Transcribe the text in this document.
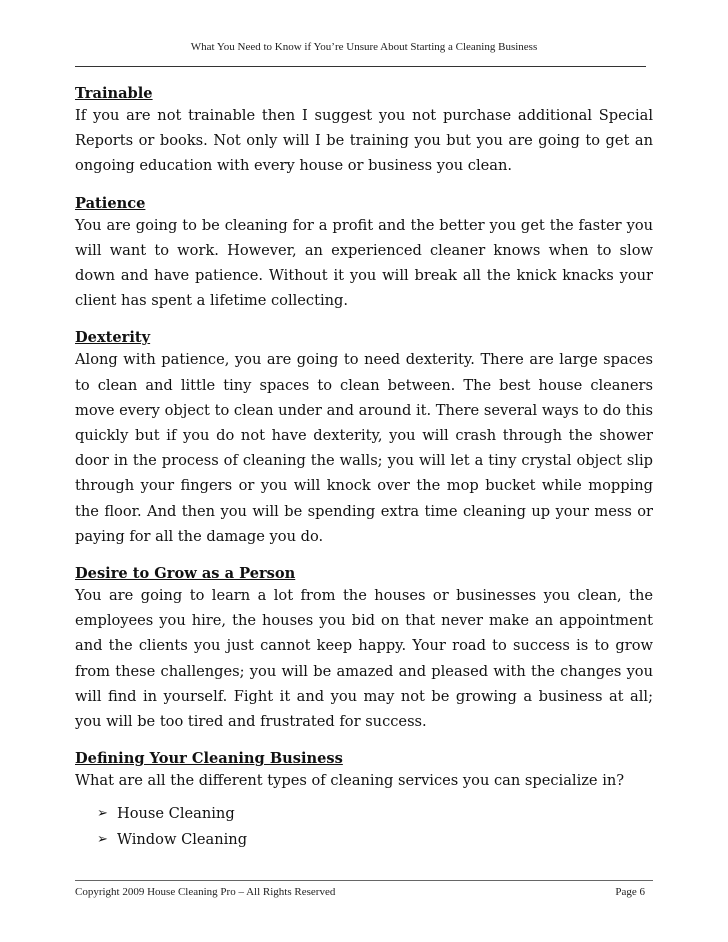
What You Need to Know if You’re Unsure About Starting a Cleaning Business

Trainable

If you are not trainable then I suggest you not purchase additional Special Reports or books. Not only will I be training you but you are going to get an ongoing education with every house or business you clean.

Patience

You are going to be cleaning for a profit and the better you get the faster you will want to work. However, an experienced cleaner knows when to slow down and have patience. Without it you will break all the knick knacks your client has spent a lifetime collecting.

Dexterity

Along with patience, you are going to need dexterity. There are large spaces to clean and little tiny spaces to clean between. The best house cleaners move every object to clean under and around it. There several ways to do this quickly but if you do not have dexterity, you will crash through the shower door in the process of cleaning the walls; you will let a tiny crystal object slip through your fingers or you will knock over the mop bucket while mopping the floor. And then you will be spending extra time cleaning up your mess or paying for all the damage you do.

Desire to Grow as a Person

You are going to learn a lot from the houses or businesses you clean, the employees you hire, the houses you bid on that never make an appointment and the clients you just cannot keep happy. Your road to success is to grow from these challenges; you will be amazed and pleased with the changes you will find in yourself. Fight it and you may not be growing a business at all; you will be too tired and frustrated for success.

Defining Your Cleaning Business

What are all the different types of cleaning services you can specialize in?

➢ House Cleaning
➢ Window Cleaning
Copyright 2009 House Cleaning Pro – All Rights Reserved	Page 6
